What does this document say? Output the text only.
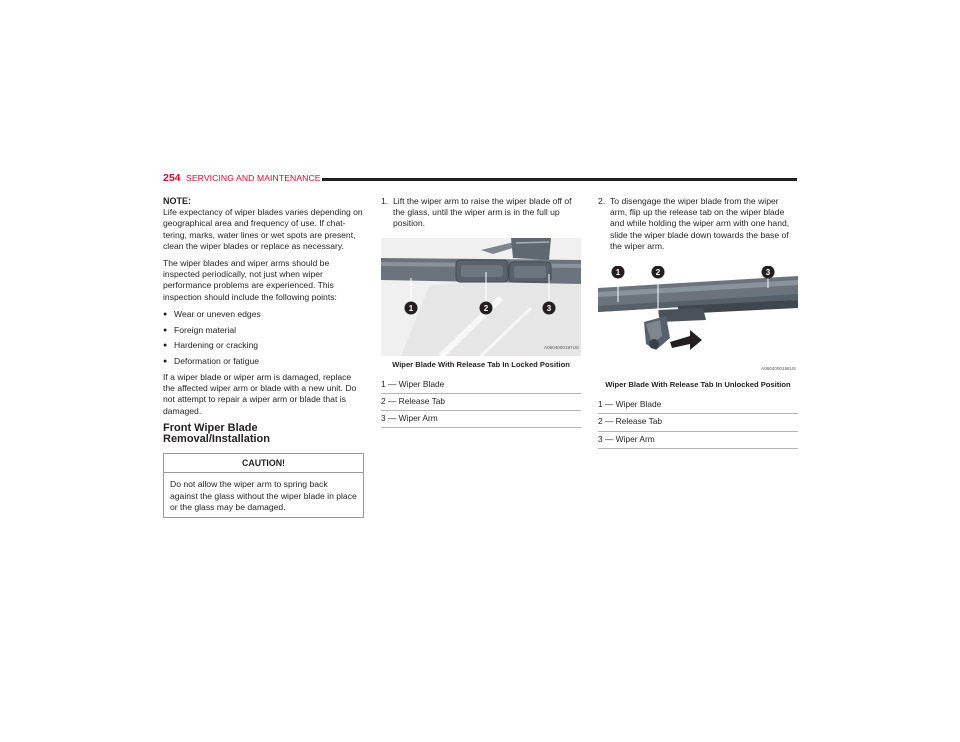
254 SERVICING AND MAINTENANCE

NOTE:
Life expectancy of wiper blades varies depending on geographical area and frequency of use. If chat-tering, marks, water lines or wet spots are present, clean the wiper blades or replace as necessary.

The wiper blades and wiper arms should be inspected periodically, not just when wiper performance problems are experienced. This inspection should include the following points:

● Wear or uneven edges
● Foreign material
● Hardening or cracking
● Deformation or fatigue

If a wiper blade or wiper arm is damaged, replace the affected wiper arm or blade with a new unit. Do not attempt to repair a wiper arm or blade that is damaged.

Front Wiper Blade Removal/Installation
CAUTION!
Do not allow the wiper arm to spring back against the glass without the wiper blade in place or the glass may be damaged.
1. Lift the wiper arm to raise the wiper blade off of the glass, until the wiper arm is in the full up position.
1	2	3
A0604000197US
Wiper Blade With Release Tab In Locked Position
1 — Wiper Blade
2 — Release Tab
3 — Wiper Arm
2. To disengage the wiper blade from the wiper arm, flip up the release tab on the wiper blade and while holding the wiper arm with one hand, slide the wiper blade down towards the base of the wiper arm.
1	2	3
A0604000198US
Wiper Blade With Release Tab In Unlocked Position
1 — Wiper Blade
2 — Release Tab
3 — Wiper Arm
